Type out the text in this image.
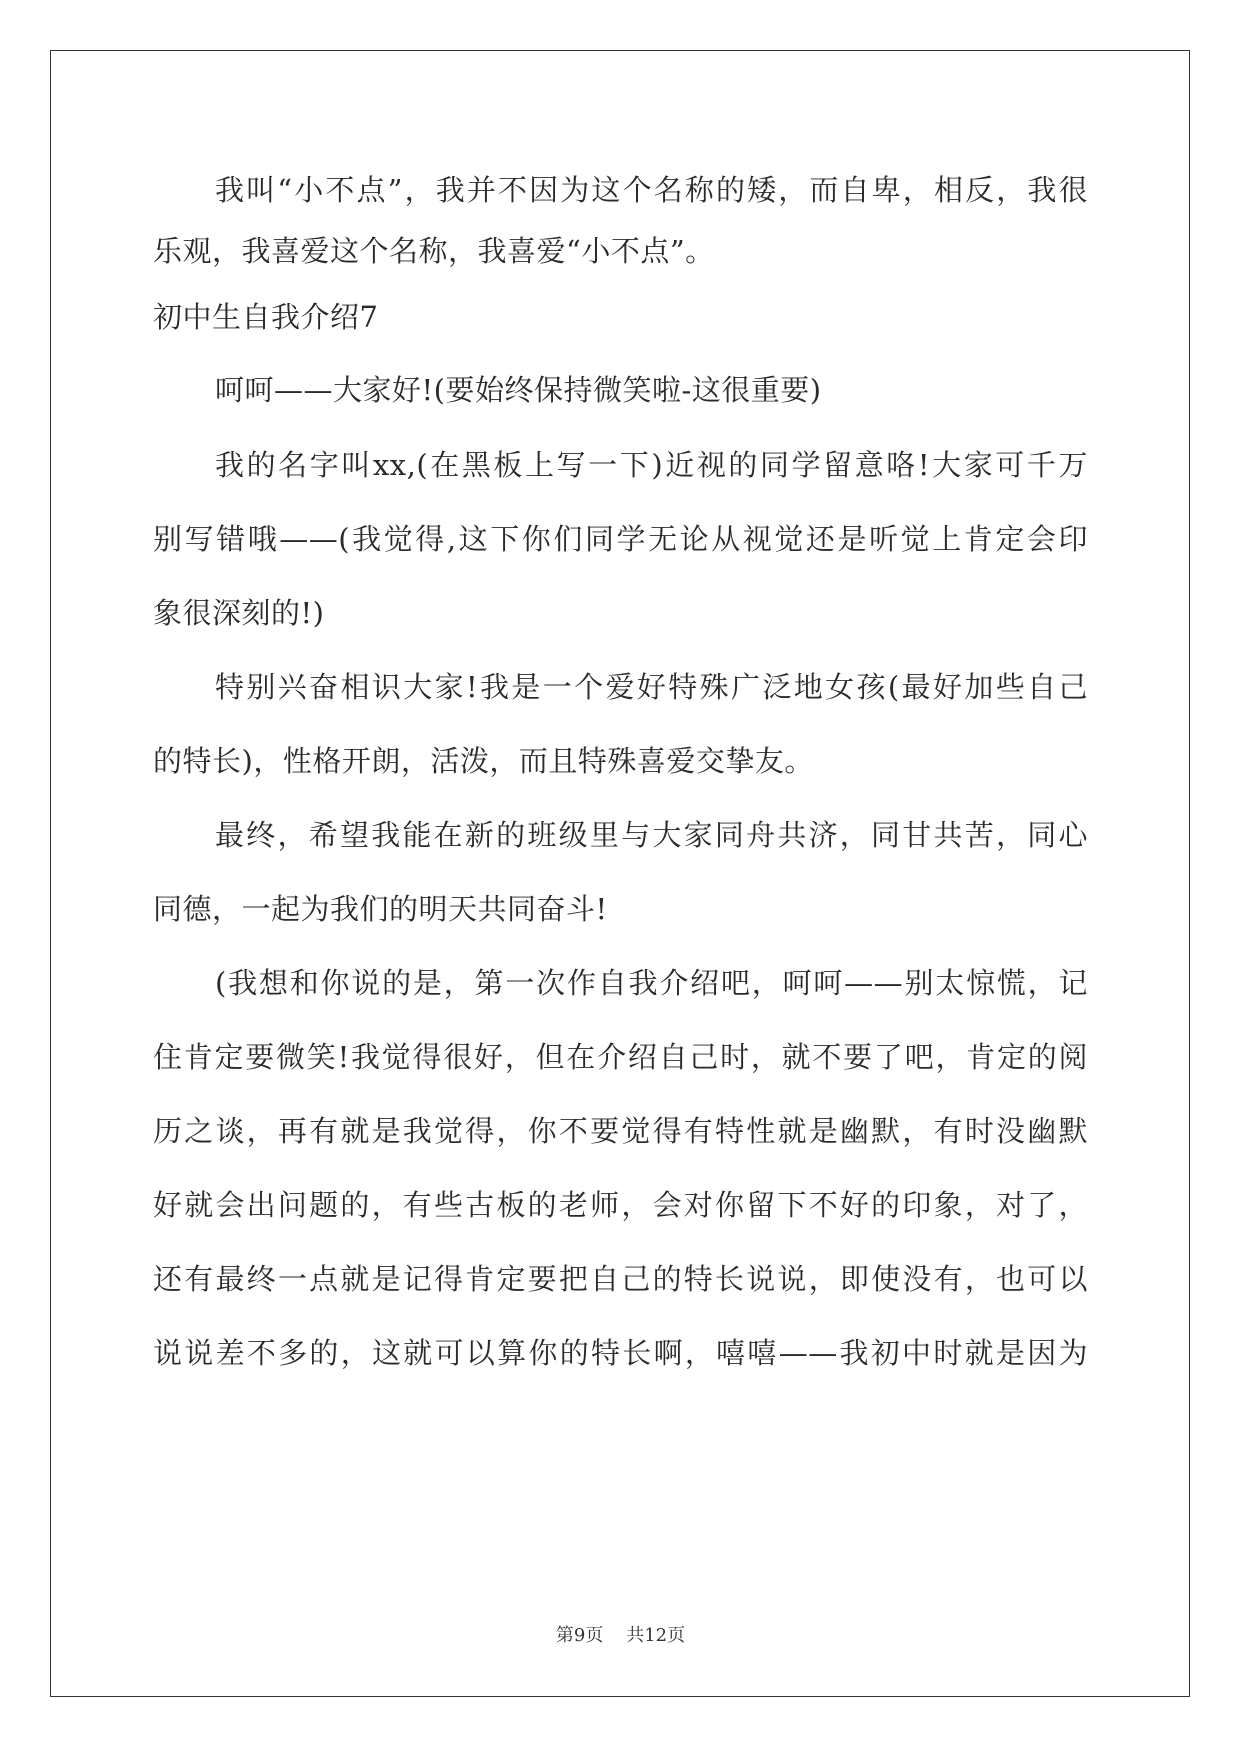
我叫“小不点”，我并不因为这个名称的矮，而自卑，相反，我很
乐观，我喜爱这个名称，我喜爱“小不点”。
初中生自我介绍7
呵呵——大家好!(要始终保持微笑啦-这很重要)
我的名字叫xx,(在黑板上写一下)近视的同学留意咯!大家可千万
别写错哦——(我觉得,这下你们同学无论从视觉还是听觉上肯定会印
象很深刻的!)
特别兴奋相识大家!我是一个爱好特殊广泛地女孩(最好加些自己
的特长)，性格开朗，活泼，而且特殊喜爱交挚友。
最终，希望我能在新的班级里与大家同舟共济，同甘共苦，同心
同德，一起为我们的明天共同奋斗!
(我想和你说的是，第一次作自我介绍吧，呵呵——别太惊慌，记
住肯定要微笑!我觉得很好，但在介绍自己时，就不要了吧，肯定的阅
历之谈，再有就是我觉得，你不要觉得有特性就是幽默，有时没幽默
好就会出问题的，有些古板的老师，会对你留下不好的印象，对了，
还有最终一点就是记得肯定要把自己的特长说说，即使没有，也可以
说说差不多的，这就可以算你的特长啊，嘻嘻——我初中时就是因为
第9页 共12页
